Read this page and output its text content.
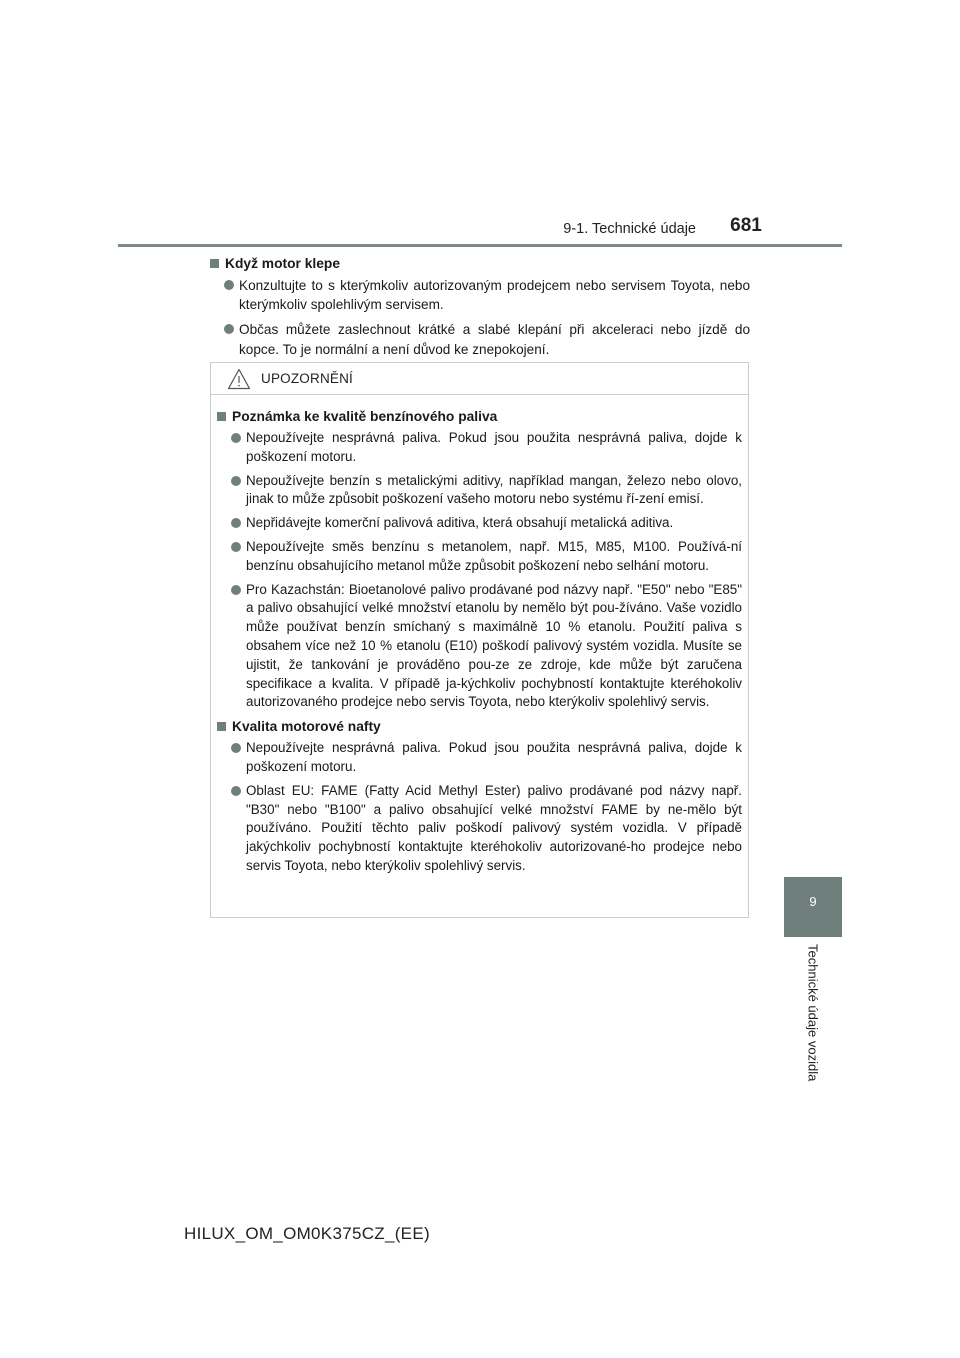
9-1. Technické údaje	681
9
Technické údaje vozidla
Když motor klepe
Konzultujte to s kterýmkoliv autorizovaným prodejcem nebo servisem Toyota, nebo kterýmkoliv spolehlivým servisem.
Občas můžete zaslechnout krátké a slabé klepání při akceleraci nebo jízdě do kopce. To je normální a není důvod ke znepokojení.
UPOZORNĚNÍ
Poznámka ke kvalitě benzínového paliva
Nepoužívejte nesprávná paliva. Pokud jsou použita nesprávná paliva, dojde k poškození motoru.
Nepoužívejte benzín s metalickými aditivy, například mangan, železo nebo olovo, jinak to může způsobit poškození vašeho motoru nebo systému ří-zení emisí.
Nepřidávejte komerční palivová aditiva, která obsahují metalická aditiva.
Nepoužívejte směs benzínu s metanolem, např. M15, M85, M100. Používá-ní benzínu obsahujícího metanol může způsobit poškození nebo selhání motoru.
Pro Kazachstán: Bioetanolové palivo prodávané pod názvy např. "E50" nebo "E85" a palivo obsahující velké množství etanolu by nemělo být pou-žíváno. Vaše vozidlo může používat benzín smíchaný s maximálně 10 % etanolu. Použití paliva s obsahem více než 10 % etanolu (E10) poškodí palivový systém vozidla. Musíte se ujistit, že tankování je prováděno pou-ze ze zdroje, kde může být zaručena specifikace a kvalita. V případě ja-kýchkoliv pochybností kontaktujte kteréhokoliv autorizovaného prodejce nebo servis Toyota, nebo kterýkoliv spolehlivý servis.
Kvalita motorové nafty
Nepoužívejte nesprávná paliva. Pokud jsou použita nesprávná paliva, dojde k poškození motoru.
Oblast EU: FAME (Fatty Acid Methyl Ester) palivo prodávané pod názvy např. "B30" nebo "B100" a palivo obsahující velké množství FAME by ne-mělo být používáno. Použití těchto paliv poškodí palivový systém vozidla. V případě jakýchkoliv pochybností kontaktujte kteréhokoliv autorizované-ho prodejce nebo servis Toyota, nebo kterýkoliv spolehlivý servis.
HILUX_OM_OM0K375CZ_(EE)
